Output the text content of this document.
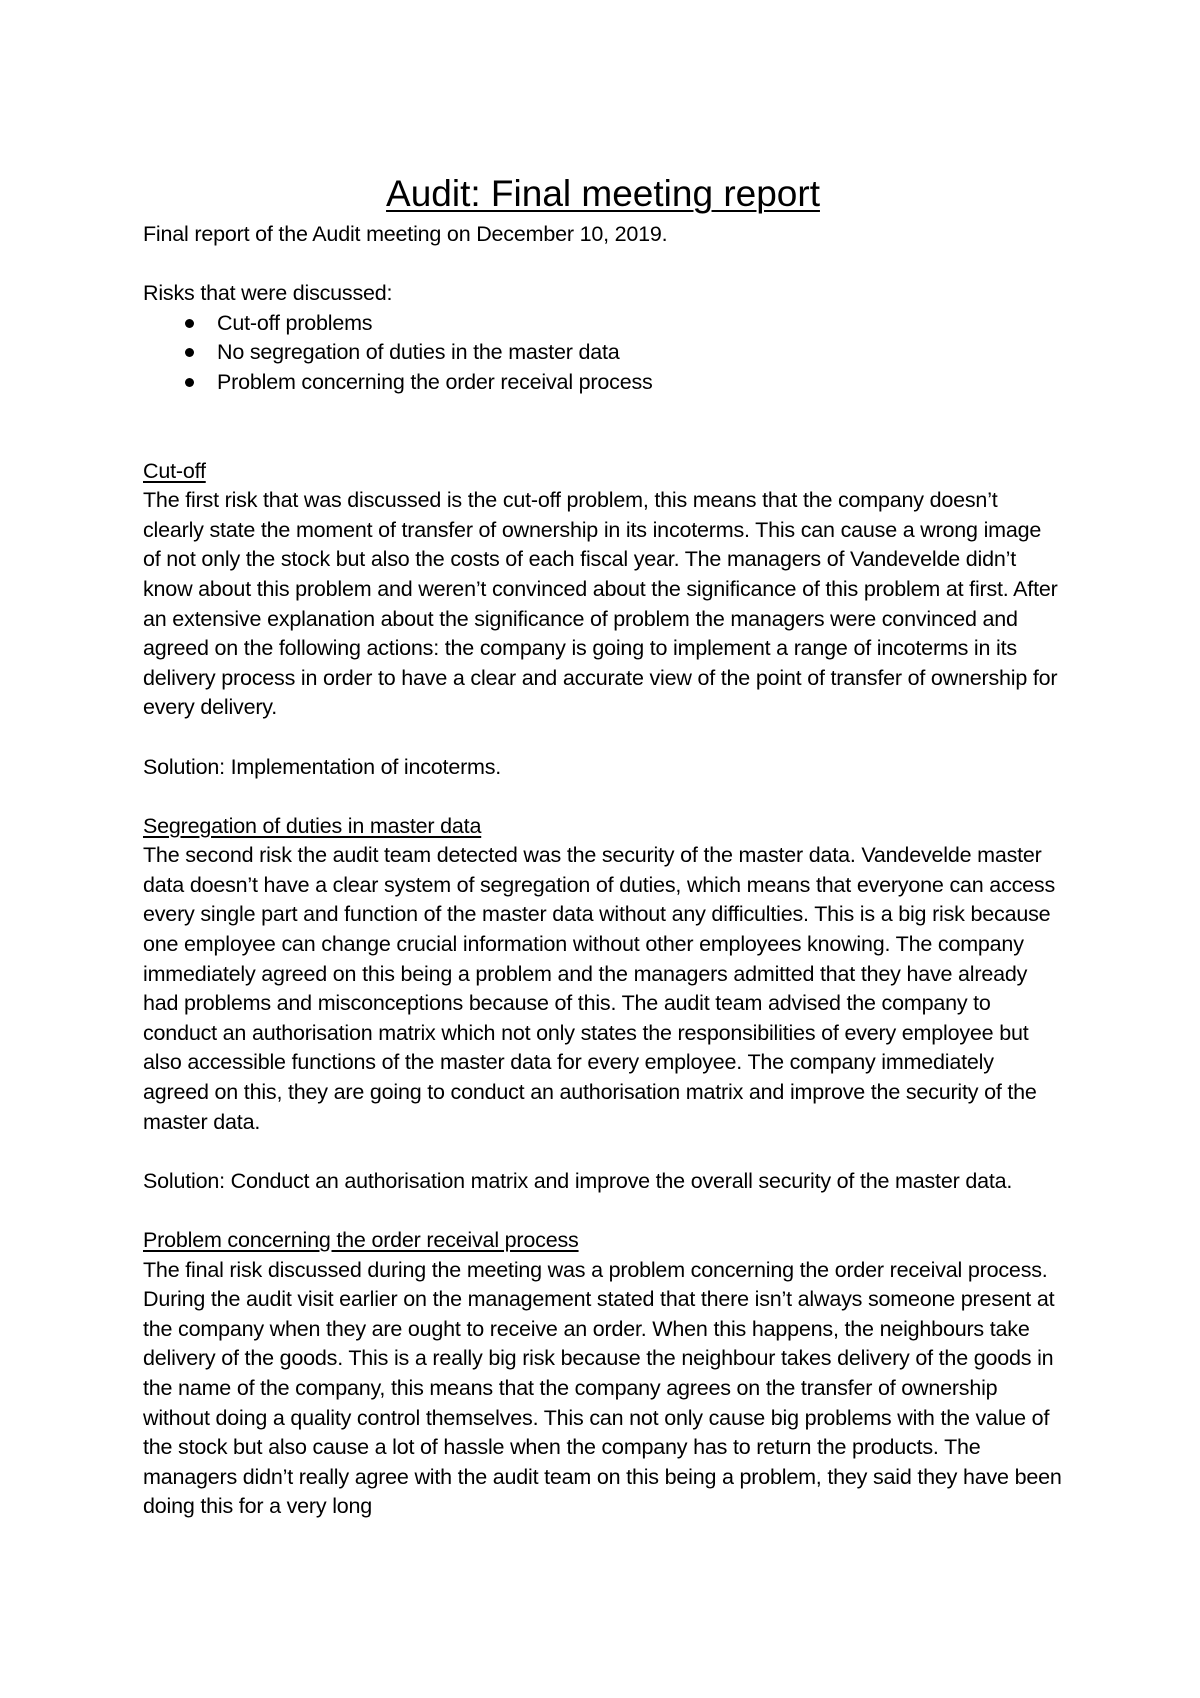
Audit: Final meeting report

Final report of the Audit meeting on December 10, 2019.

Risks that were discussed:

Cut-off problems
No segregation of duties in the master data
Problem concerning the order receival process

Cut-off

The first risk that was discussed is the cut-off problem, this means that the company doesn’t clearly state the moment of transfer of ownership in its incoterms. This can cause a wrong image of not only the stock but also the costs of each fiscal year. The managers of Vandevelde didn’t know about this problem and weren’t convinced about the significance of this problem at first. After an extensive explanation about the significance of problem the managers were convinced and agreed on the following actions: the company is going to implement a range of incoterms in its delivery process in order to have a clear and accurate view of the point of transfer of ownership for every delivery.

Solution: Implementation of incoterms.

Segregation of duties in master data

The second risk the audit team detected was the security of the master data. Vandevelde master data doesn’t have a clear system of segregation of duties, which means that everyone can access every single part and function of the master data without any difficulties. This is a big risk because one employee can change crucial information without other employees knowing. The company immediately agreed on this being a problem and the managers admitted that they have already had problems and misconceptions because of this. The audit team advised the company to conduct an authorisation matrix which not only states the responsibilities of every employee but also accessible functions of the master data for every employee. The company immediately agreed on this, they are going to conduct an authorisation matrix and improve the security of the master data.

Solution: Conduct an authorisation matrix and improve the overall security of the master data.

Problem concerning the order receival process

The final risk discussed during the meeting was a problem concerning the order receival process. During the audit visit earlier on the management stated that there isn’t always someone present at the company when they are ought to receive an order. When this happens, the neighbours take delivery of the goods. This is a really big risk because the neighbour takes delivery of the goods in the name of the company, this means that the company agrees on the transfer of ownership without doing a quality control themselves. This can not only cause big problems with the value of the stock but also cause a lot of hassle when the company has to return the products. The managers didn’t really agree with the audit team on this being a problem, they said they have been doing this for a very long
